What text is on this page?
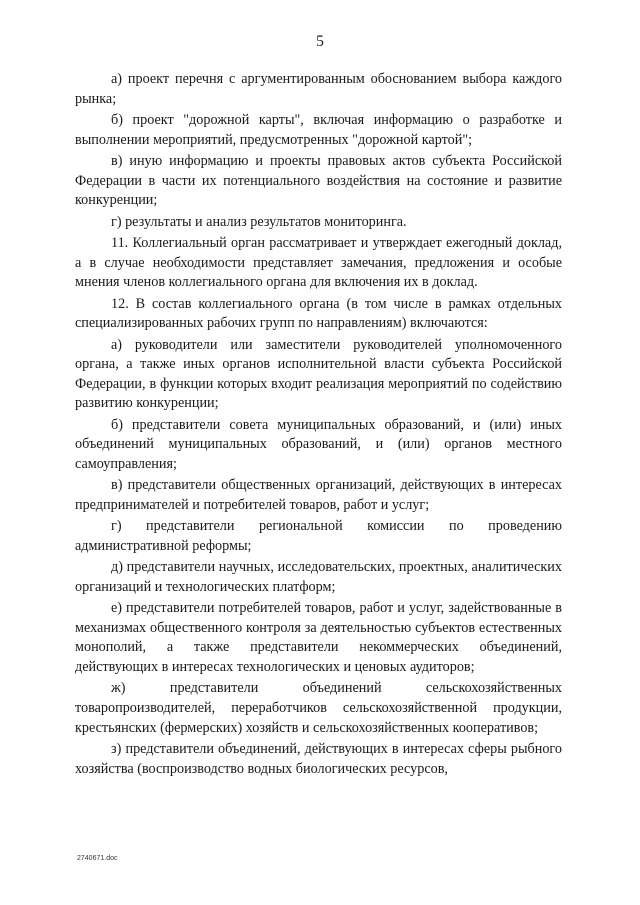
5

а) проект перечня с аргументированным обоснованием выбора каждого рынка;

б) проект "дорожной карты", включая информацию о разработке и выполнении мероприятий, предусмотренных "дорожной картой";

в) иную информацию и проекты правовых актов субъекта Российской Федерации в части их потенциального воздействия на состояние и развитие конкуренции;

г) результаты и анализ результатов мониторинга.

11. Коллегиальный орган рассматривает и утверждает ежегодный доклад, а в случае необходимости представляет замечания, предложения и особые мнения членов коллегиального органа для включения их в доклад.

12. В состав коллегиального органа (в том числе в рамках отдельных специализированных рабочих групп по направлениям) включаются:

а) руководители или заместители руководителей уполномоченного органа, а также иных органов исполнительной власти субъекта Российской Федерации, в функции которых входит реализация мероприятий по содействию развитию конкуренции;

б) представители совета муниципальных образований, и (или) иных объединений муниципальных образований, и (или) органов местного самоуправления;

в) представители общественных организаций, действующих в интересах предпринимателей и потребителей товаров, работ и услуг;

г) представители региональной комиссии по проведению административной реформы;

д) представители научных, исследовательских, проектных, аналитических организаций и технологических платформ;

е) представители потребителей товаров, работ и услуг, задействованные в механизмах общественного контроля за деятельностью субъектов естественных монополий, а также представители некоммерческих объединений, действующих в интересах технологических и ценовых аудиторов;

ж) представители объединений сельскохозяйственных товаропроизводителей, переработчиков сельскохозяйственной продукции, крестьянских (фермерских) хозяйств и сельскохозяйственных кооперативов;

з) представители объединений, действующих в интересах сферы рыбного хозяйства (воспроизводство водных биологических ресурсов,

2740671.doc
